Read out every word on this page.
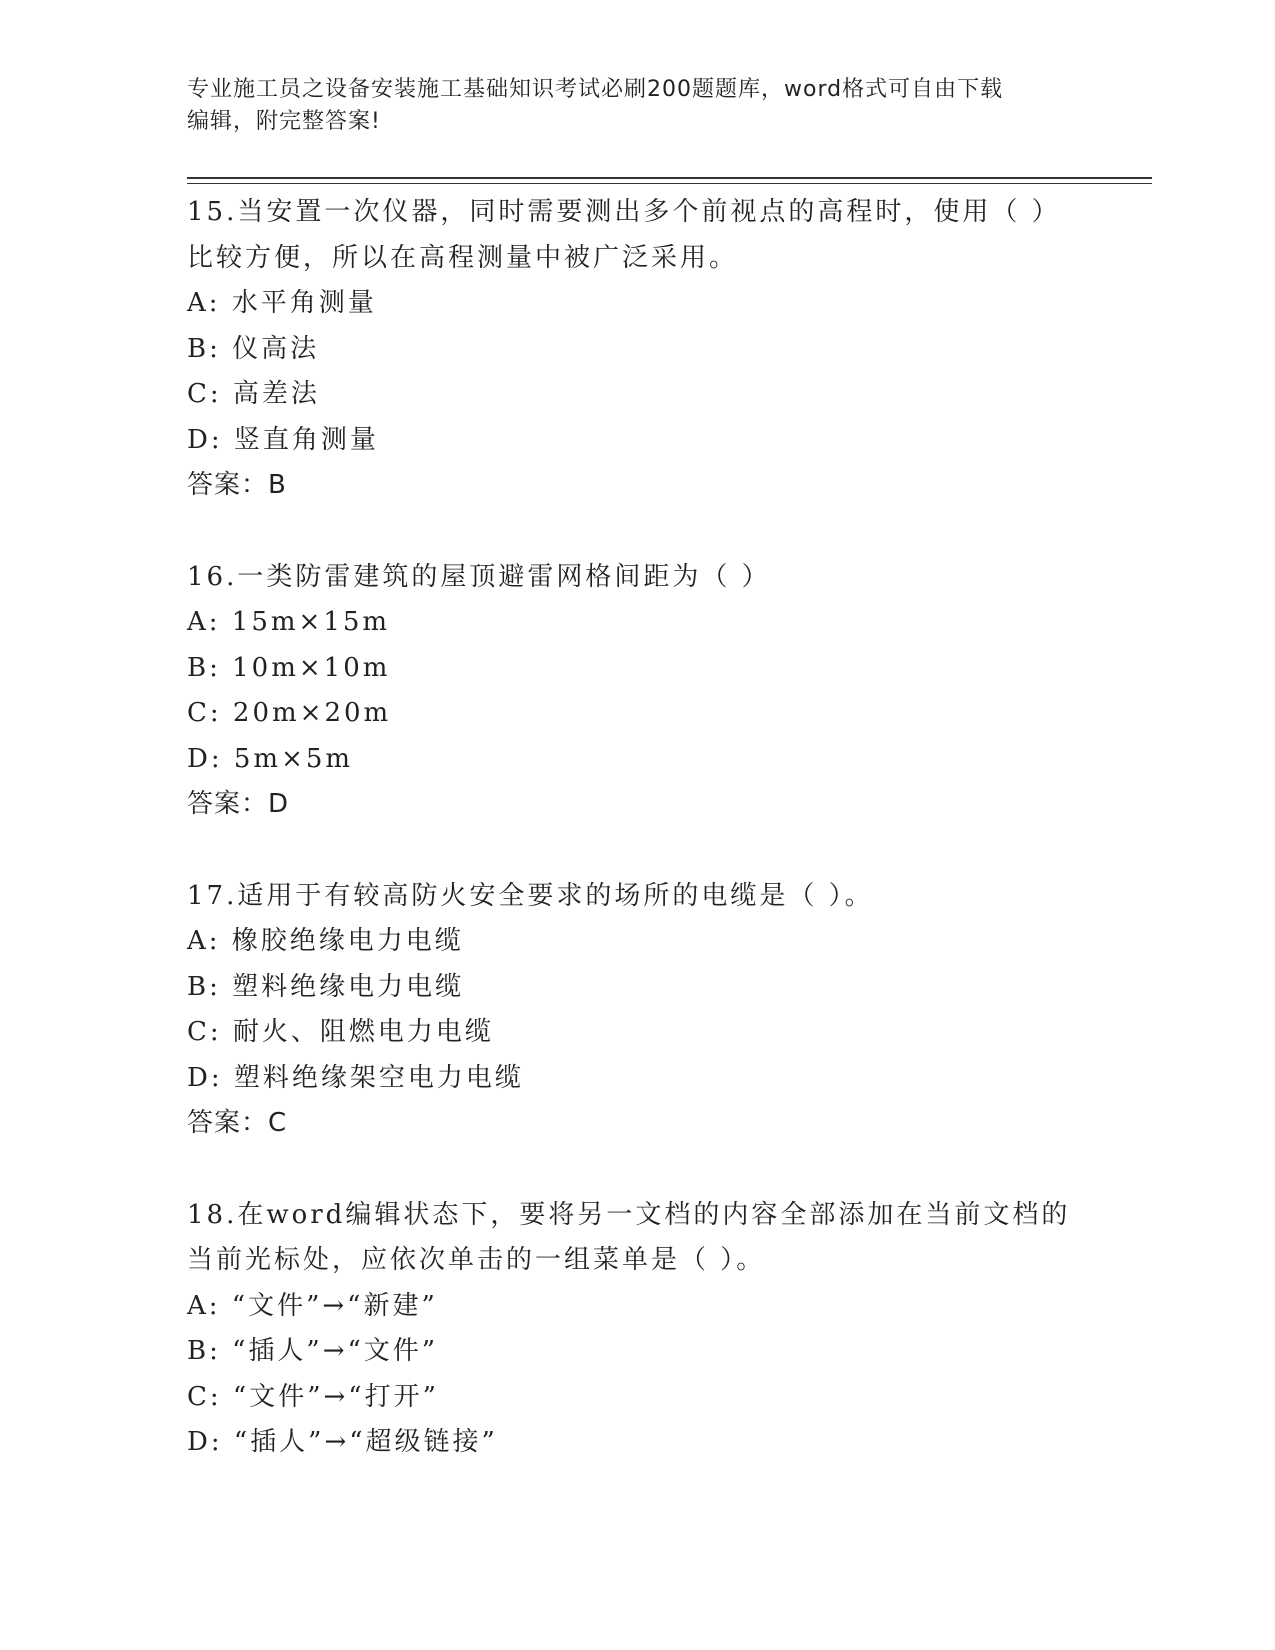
专业施工员之设备安装施工基础知识考试必刷200题题库，word格式可自由下载
编辑，附完整答案!
15.当安置一次仪器，同时需要测出多个前视点的高程时，使用（ ）
比较方便，所以在高程测量中被广泛采用。
A: 水平角测量
B: 仪高法
C: 高差法
D: 竖直角测量
答案：B
16.一类防雷建筑的屋顶避雷网格间距为（ ）
A: 15m×15m
B: 10m×10m
C: 20m×20m
D: 5m×5m
答案：D
17.适用于有较高防火安全要求的场所的电缆是（ ）。
A: 橡胶绝缘电力电缆
B: 塑料绝缘电力电缆
C: 耐火、阻燃电力电缆
D: 塑料绝缘架空电力电缆
答案：C
18.在word编辑状态下，要将另一文档的内容全部添加在当前文档的
当前光标处，应依次单击的一组菜单是（ ）。
A: “文件”→“新建”
B: “插人”→“文件”
C: “文件”→“打开”
D: “插人”→“超级链接”
